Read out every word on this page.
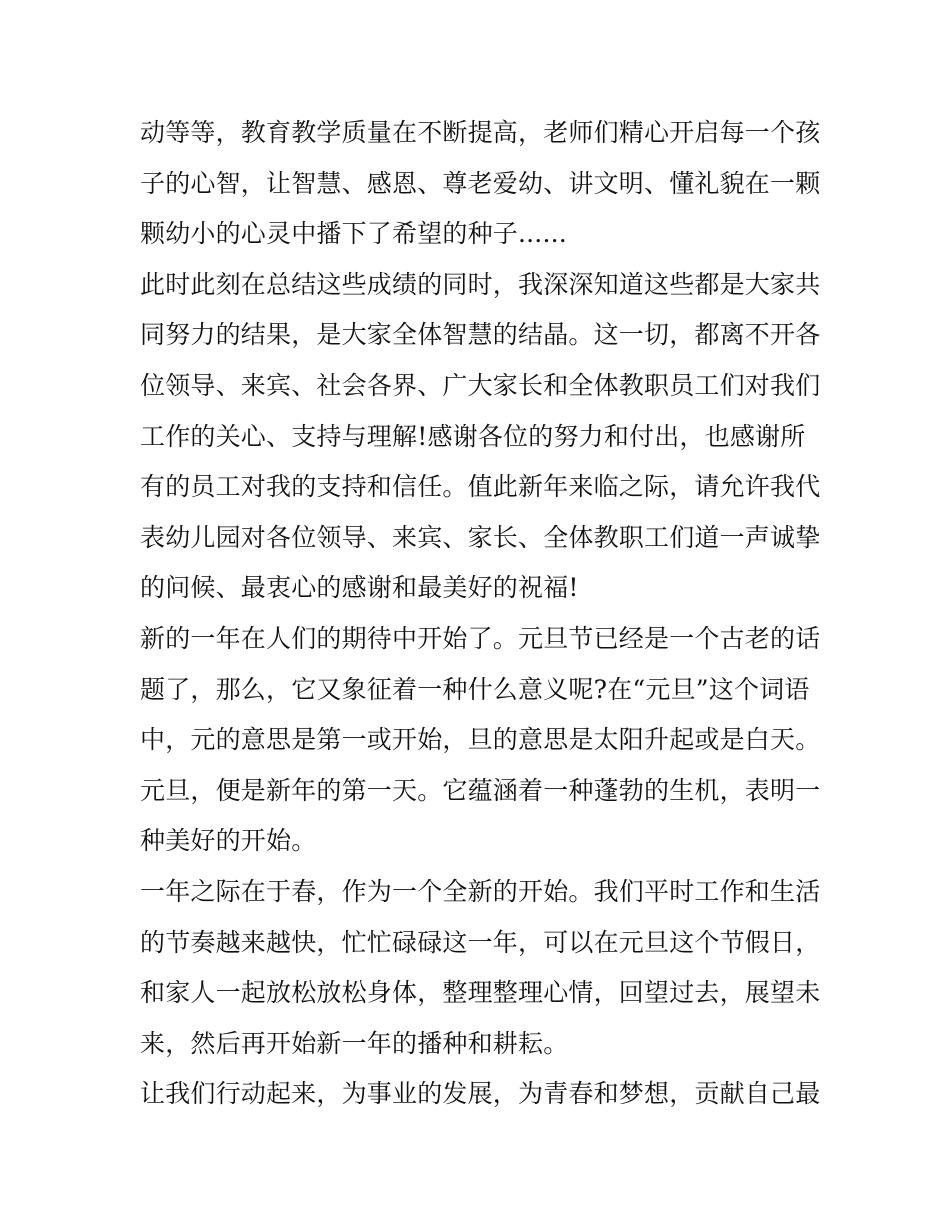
动等等，教育教学质量在不断提高，老师们精心开启每一个孩
子的心智，让智慧、感恩、尊老爱幼、讲文明、懂礼貌在一颗
颗幼小的心灵中播下了希望的种子......
此时此刻在总结这些成绩的同时，我深深知道这些都是大家共
同努力的结果，是大家全体智慧的结晶。这一切，都离不开各
位领导、来宾、社会各界、广大家长和全体教职员工们对我们
工作的关心、支持与理解!感谢各位的努力和付出，也感谢所
有的员工对我的支持和信任。值此新年来临之际，请允许我代
表幼儿园对各位领导、来宾、家长、全体教职工们道一声诚挚
的问候、最衷心的感谢和最美好的祝福!
新的一年在人们的期待中开始了。元旦节已经是一个古老的话
题了，那么，它又象征着一种什么意义呢?在“元旦”这个词语
中，元的意思是第一或开始，旦的意思是太阳升起或是白天。
元旦，便是新年的第一天。它蕴涵着一种蓬勃的生机，表明一
种美好的开始。
一年之际在于春，作为一个全新的开始。我们平时工作和生活
的节奏越来越快，忙忙碌碌这一年，可以在元旦这个节假日，
和家人一起放松放松身体，整理整理心情，回望过去，展望未
来，然后再开始新一年的播种和耕耘。
让我们行动起来，为事业的发展，为青春和梦想，贡献自己最
